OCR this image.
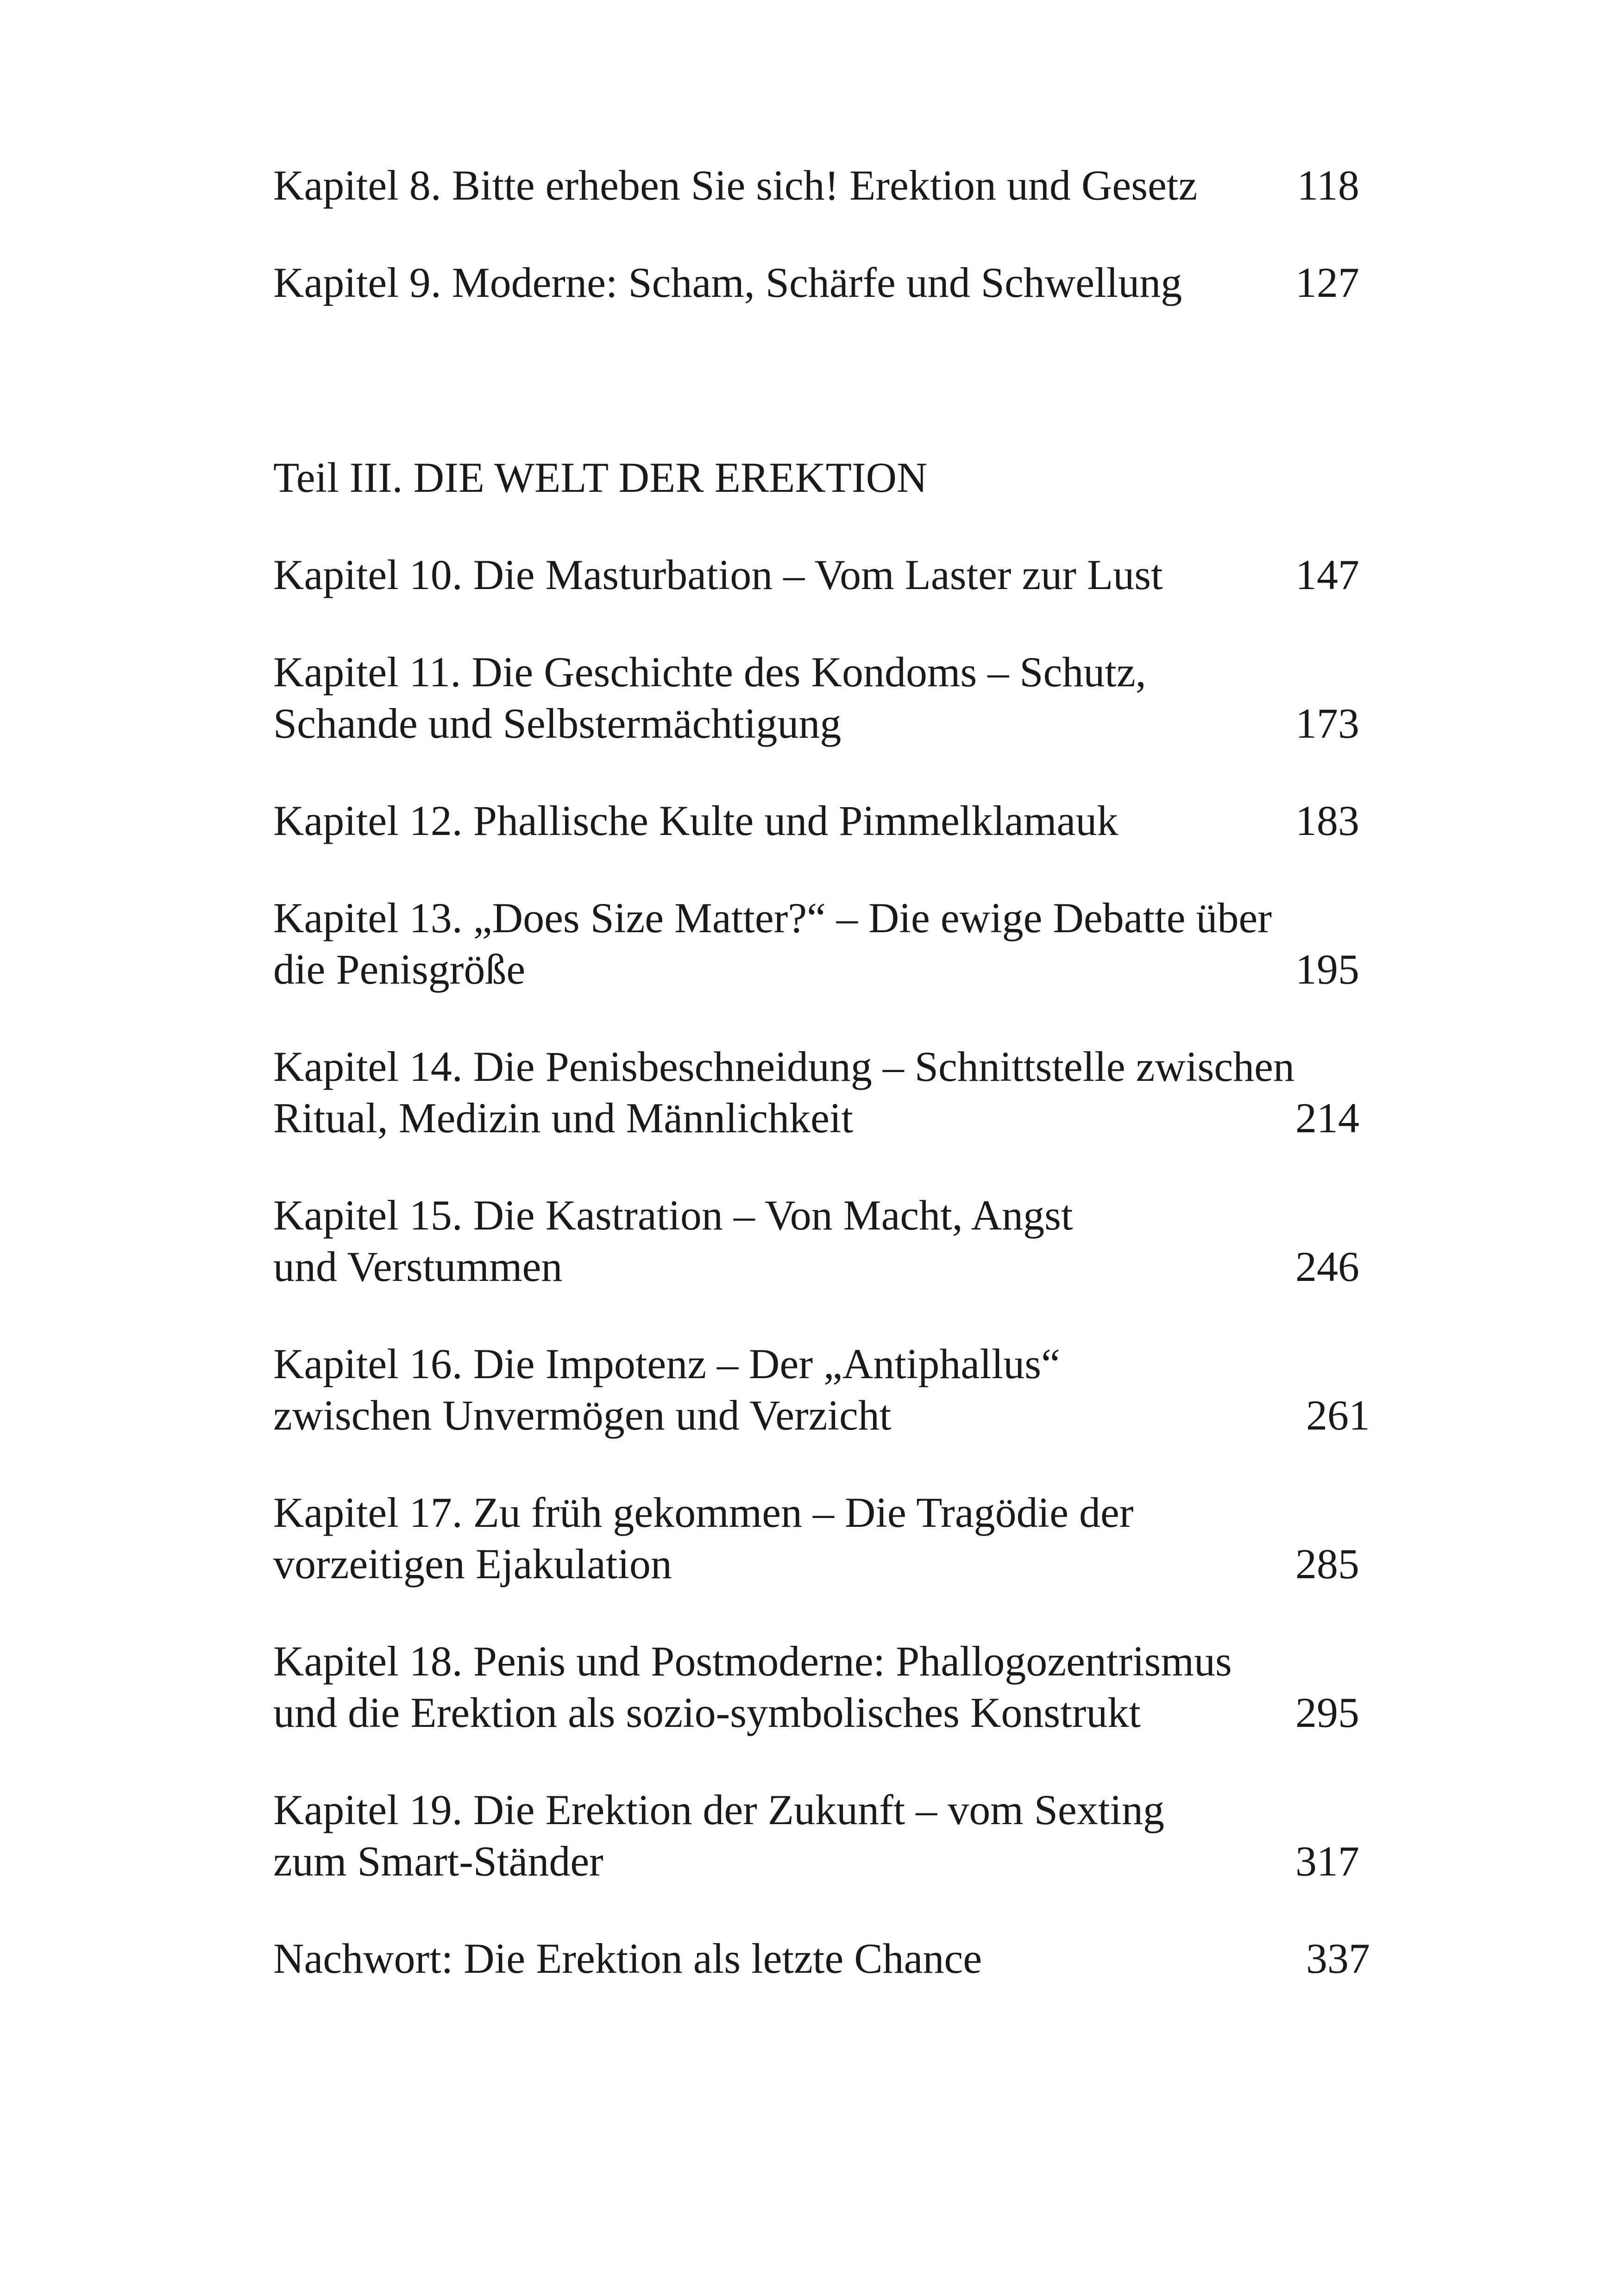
Kapitel 8. Bitte erheben Sie sich! Erektion und Gesetz	118
Kapitel 9. Moderne: Scham, Schärfe und Schwellung	127
Teil III. DIE WELT DER EREKTION
Kapitel 10. Die Masturbation – Vom Laster zur Lust	147
Kapitel 11. Die Geschichte des Kondoms – Schutz,
Schande und Selbstermächtigung	173
Kapitel 12. Phallische Kulte und Pimmelklamauk	183
Kapitel 13. „Does Size Matter?“ – Die ewige Debatte über
die Penisgröße	195
Kapitel 14. Die Penisbeschneidung – Schnittstelle zwischen
Ritual, Medizin und Männlichkeit	214
Kapitel 15. Die Kastration – Von Macht, Angst
und Verstummen	246
Kapitel 16. Die Impotenz – Der „Antiphallus“
zwischen Unvermögen und Verzicht	261
Kapitel 17. Zu früh gekommen – Die Tragödie der
vorzeitigen Ejakulation	285
Kapitel 18. Penis und Postmoderne: Phallogozentrismus
und die Erektion als sozio-symbolisches Konstrukt	295
Kapitel 19. Die Erektion der Zukunft – vom Sexting
zum Smart-Ständer	317
Nachwort: Die Erektion als letzte Chance	337
